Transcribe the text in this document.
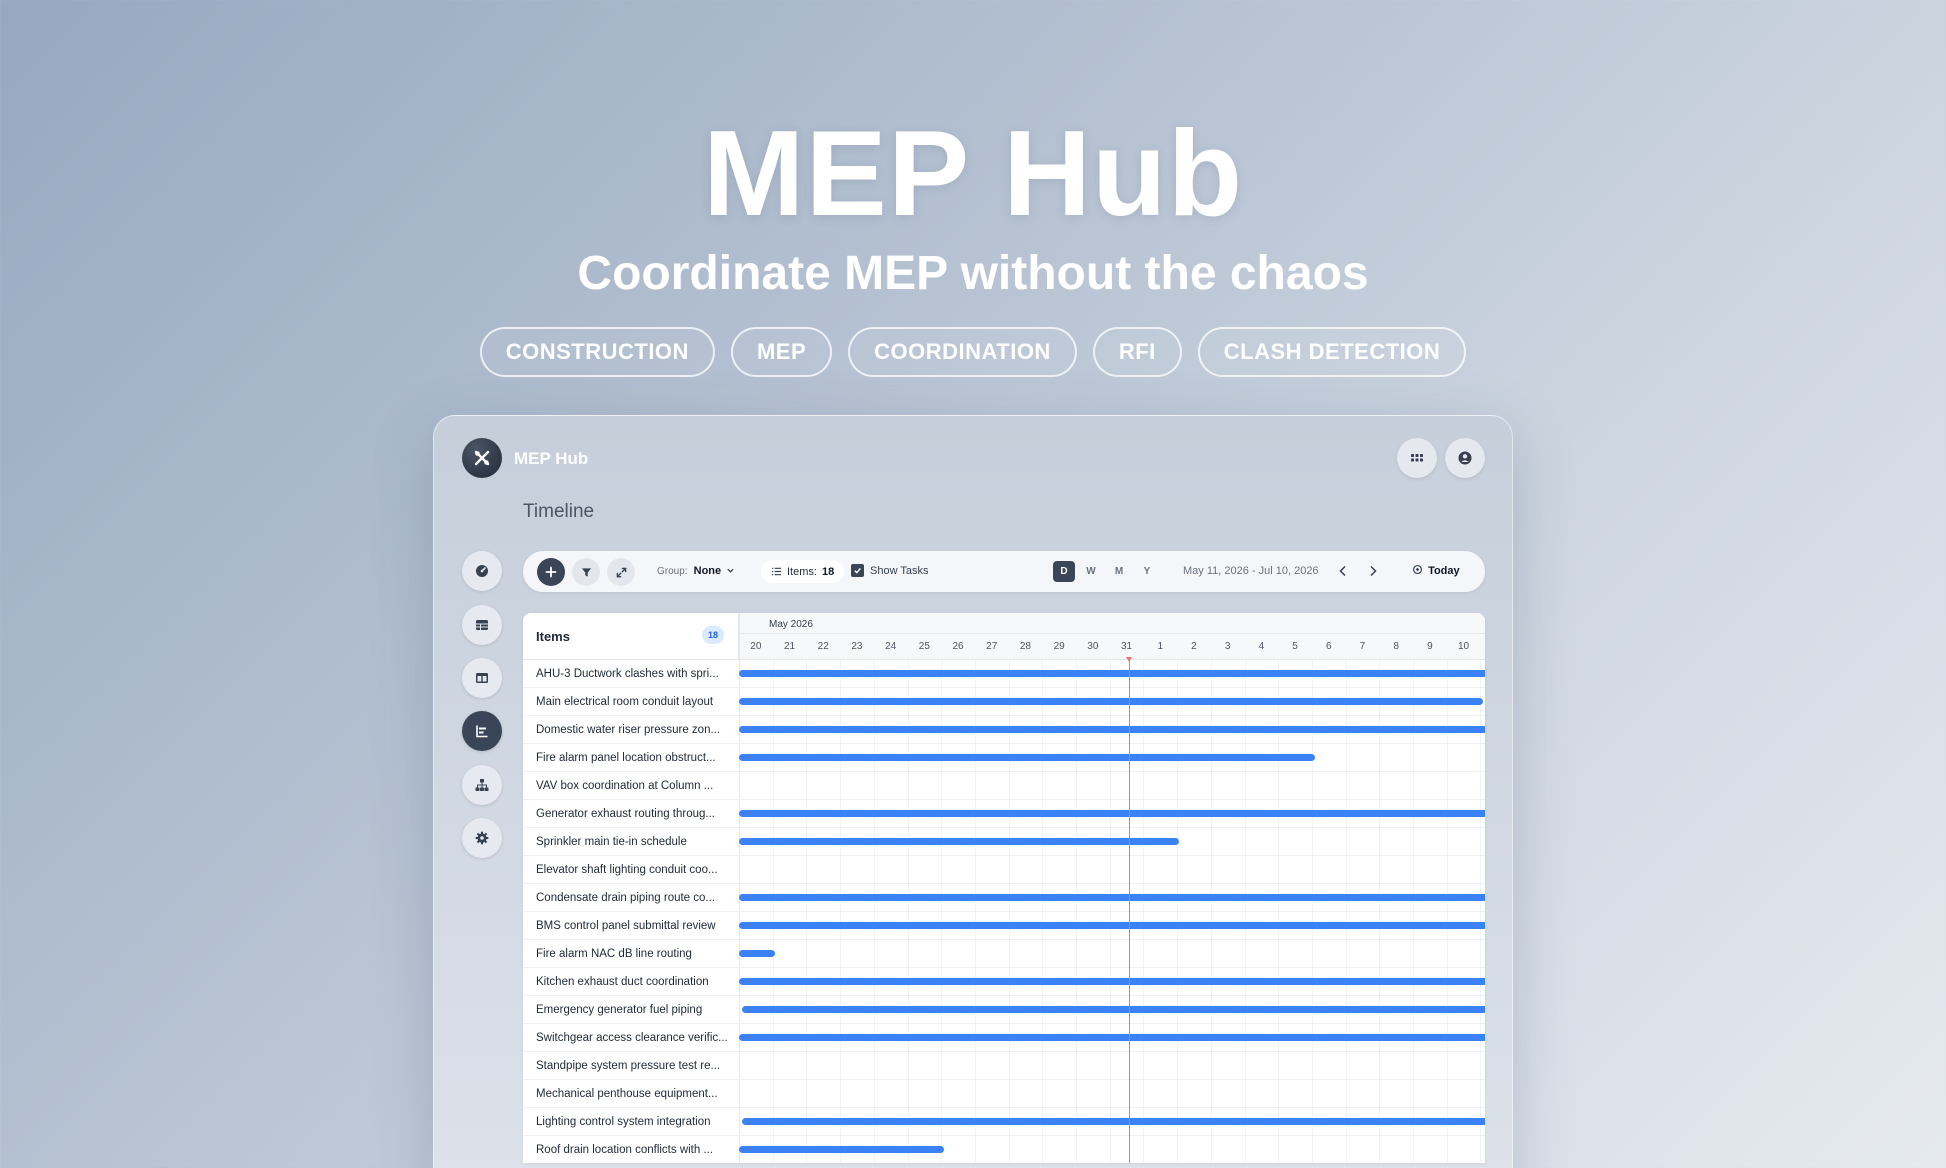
MEP Hub
Coordinate MEP without the chaos
CONSTRUCTION	MEP	COORDINATION	RFI	CLASH DETECTION
MEP Hub
Timeline
Group: None	Items: 18	Show Tasks	D	W	M	Y	May 11, 2026 - Jul 10, 2026	Today
Items	18
May 2026
20	21	22	23	24	25	26	27	28	29	30	31	1	2	3	4	5	6	7	8	9	10
AHU-3 Ductwork clashes with spri...
Main electrical room conduit layout
Domestic water riser pressure zon...
Fire alarm panel location obstruct...
VAV box coordination at Column ...
Generator exhaust routing throug...
Sprinkler main tie-in schedule
Elevator shaft lighting conduit coo...
Condensate drain piping route co...
BMS control panel submittal review
Fire alarm NAC dB line routing
Kitchen exhaust duct coordination
Emergency generator fuel piping
Switchgear access clearance verific...
Standpipe system pressure test re...
Mechanical penthouse equipment...
Lighting control system integration
Roof drain location conflicts with ...
